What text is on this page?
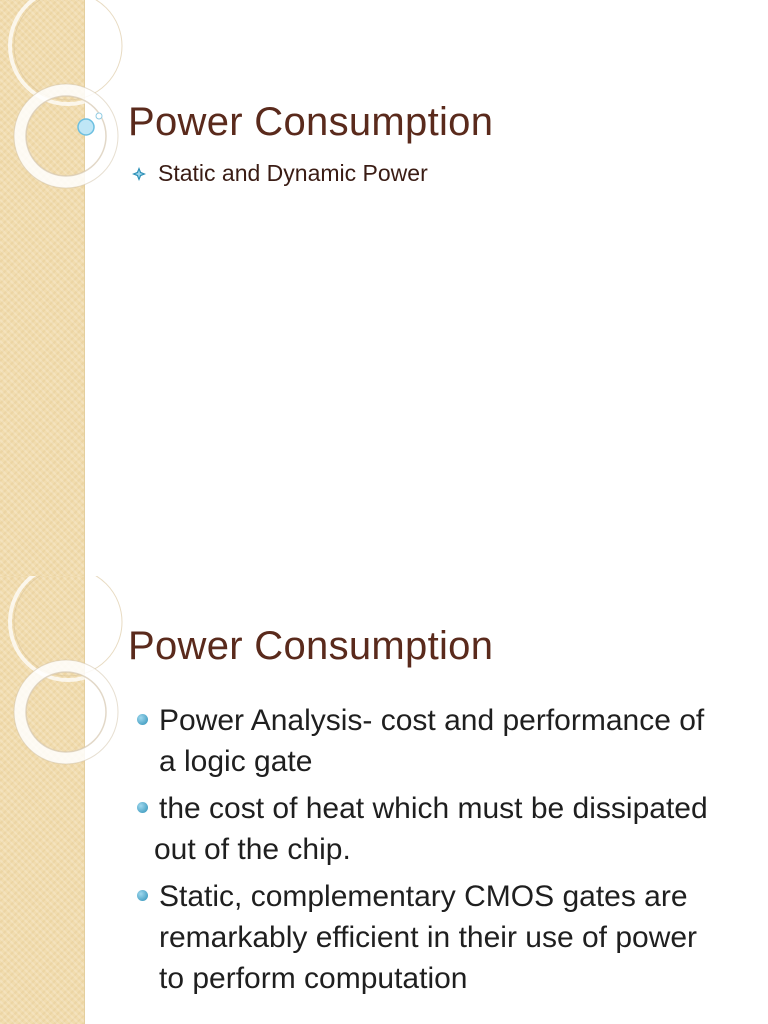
Power Consumption
Static and Dynamic Power
Power Consumption
Power Analysis- cost and performance of
a logic gate
the cost of heat which must be dissipated
out of the chip.
Static, complementary CMOS gates are
remarkably efficient in their use of power
to perform computation
